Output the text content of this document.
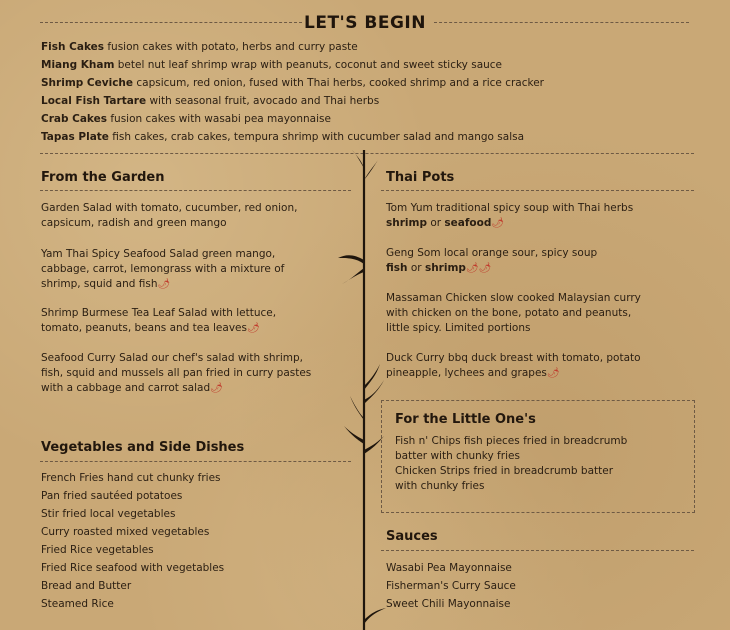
LET'S BEGIN
Fish Cakes fusion cakes with potato, herbs and curry paste
Miang Kham betel nut leaf shrimp wrap with peanuts, coconut and sweet sticky sauce
Shrimp Ceviche capsicum, red onion, fused with Thai herbs, cooked shrimp and a rice cracker
Local Fish Tartare with seasonal fruit, avocado and Thai herbs
Crab Cakes fusion cakes with wasabi pea mayonnaise
Tapas Plate fish cakes, crab cakes, tempura shrimp with cucumber salad and mango salsa
From the Garden
Garden Salad with tomato, cucumber, red onion,
capsicum, radish and green mango
Yam Thai Spicy Seafood Salad green mango,
cabbage, carrot, lemongrass with a mixture of
shrimp, squid and fish🌶
Shrimp Burmese Tea Leaf Salad with lettuce,
tomato, peanuts, beans and tea leaves🌶
Seafood Curry Salad our chef's salad with shrimp,
fish, squid and mussels all pan fried in curry pastes
with a cabbage and carrot salad🌶
Vegetables and Side Dishes
French Fries hand cut chunky fries
Pan fried sautéed potatoes
Stir fried local vegetables
Curry roasted mixed vegetables
Fried Rice vegetables
Fried Rice seafood with vegetables
Bread and Butter
Steamed Rice
Thai Pots
Tom Yum traditional spicy soup with Thai herbs
shrimp or seafood🌶
Geng Som local orange sour, spicy soup
fish or shrimp🌶🌶
Massaman Chicken slow cooked Malaysian curry
with chicken on the bone, potato and peanuts,
little spicy. Limited portions
Duck Curry bbq duck breast with tomato, potato
pineapple, lychees and grapes🌶
For the Little One's
Fish n' Chips fish pieces fried in breadcrumb
batter with chunky fries
Chicken Strips fried in breadcrumb batter
with chunky fries
Sauces
Wasabi Pea Mayonnaise
Fisherman's Curry Sauce
Sweet Chili Mayonnaise
